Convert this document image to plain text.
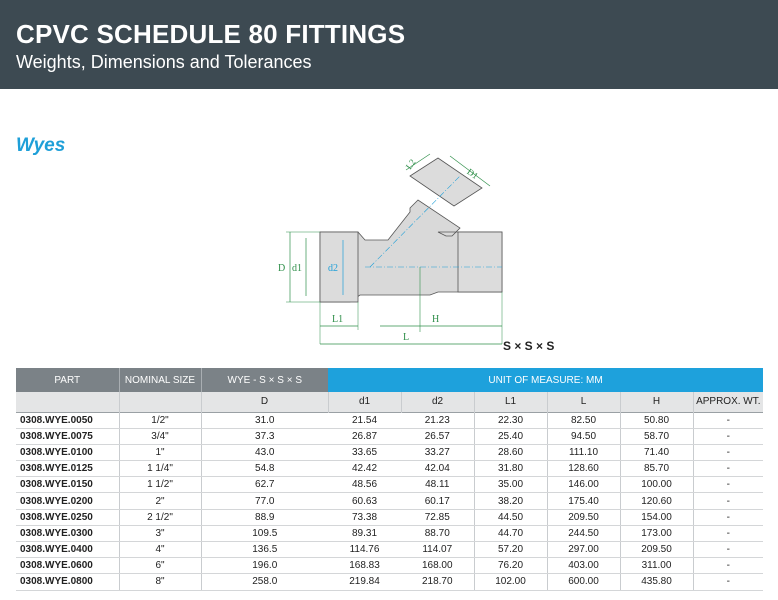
CPVC SCHEDULE 80 FITTINGS
Weights, Dimensions and Tolerances
Wyes
D d1	d2
L1	H
L
L2
D1
S × S × S
PART	NOMINAL SIZE	WYE - S × S × S	UNIT OF MEASURE: MM					
		D	d1	d2	L1	L	H	APPROX. WT.
0308.WYE.0050	1/2"	31.0	21.54	21.23	22.30	82.50	50.80	-
0308.WYE.0075	3/4"	37.3	26.87	26.57	25.40	94.50	58.70	-
0308.WYE.0100	1"	43.0	33.65	33.27	28.60	111.10	71.40	-
0308.WYE.0125	1 1/4"	54.8	42.42	42.04	31.80	128.60	85.70	-
0308.WYE.0150	1 1/2"	62.7	48.56	48.11	35.00	146.00	100.00	-
0308.WYE.0200	2"	77.0	60.63	60.17	38.20	175.40	120.60	-
0308.WYE.0250	2 1/2"	88.9	73.38	72.85	44.50	209.50	154.00	-
0308.WYE.0300	3"	109.5	89.31	88.70	44.70	244.50	173.00	-
0308.WYE.0400	4"	136.5	114.76	114.07	57.20	297.00	209.50	-
0308.WYE.0600	6"	196.0	168.83	168.00	76.20	403.00	311.00	-
0308.WYE.0800	8"	258.0	219.84	218.70	102.00	600.00	435.80	-
